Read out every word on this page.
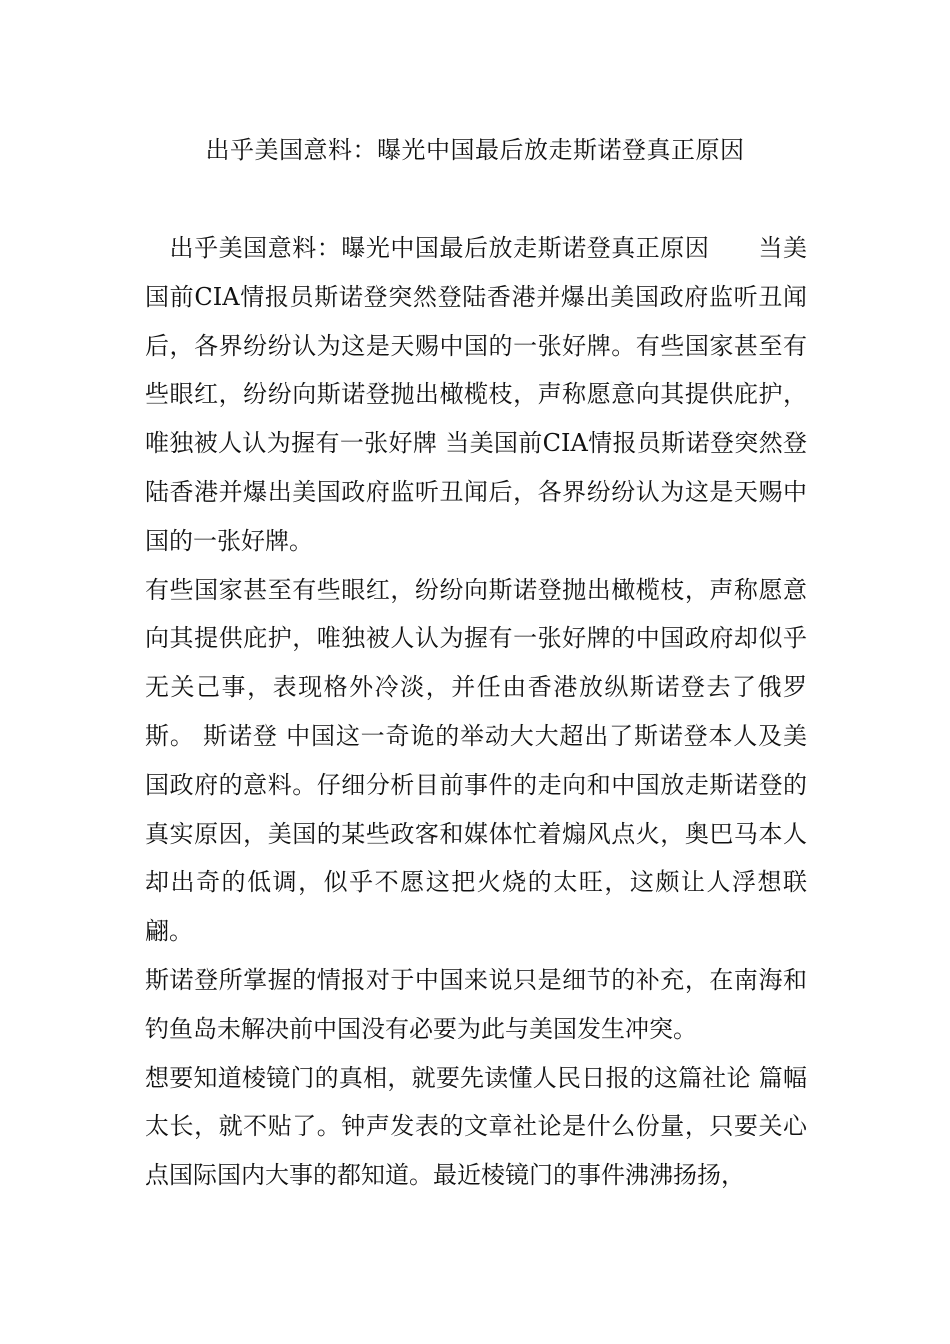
出乎美国意料：曝光中国最后放走斯诺登真正原因

出乎美国意料：曝光中国最后放走斯诺登真正原因　　当美国前CIA情报员斯诺登突然登陆香港并爆出美国政府监听丑闻后，各界纷纷认为这是天赐中国的一张好牌。有些国家甚至有些眼红，纷纷向斯诺登抛出橄榄枝，声称愿意向其提供庇护，唯独被人认为握有一张好牌 当美国前CIA情报员斯诺登突然登陆香港并爆出美国政府监听丑闻后，各界纷纷认为这是天赐中国的一张好牌。

有些国家甚至有些眼红，纷纷向斯诺登抛出橄榄枝，声称愿意向其提供庇护，唯独被人认为握有一张好牌的中国政府却似乎无关己事，表现格外冷淡，并任由香港放纵斯诺登去了俄罗斯。 斯诺登 中国这一奇诡的举动大大超出了斯诺登本人及美国政府的意料。仔细分析目前事件的走向和中国放走斯诺登的真实原因，美国的某些政客和媒体忙着煽风点火，奥巴马本人却出奇的低调，似乎不愿这把火烧的太旺，这颇让人浮想联翩。

斯诺登所掌握的情报对于中国来说只是细节的补充，在南海和钓鱼岛未解决前中国没有必要为此与美国发生冲突。

想要知道棱镜门的真相，就要先读懂人民日报的这篇社论 篇幅太长，就不贴了。钟声发表的文章社论是什么份量，只要关心点国际国内大事的都知道。最近棱镜门的事件沸沸扬扬，
